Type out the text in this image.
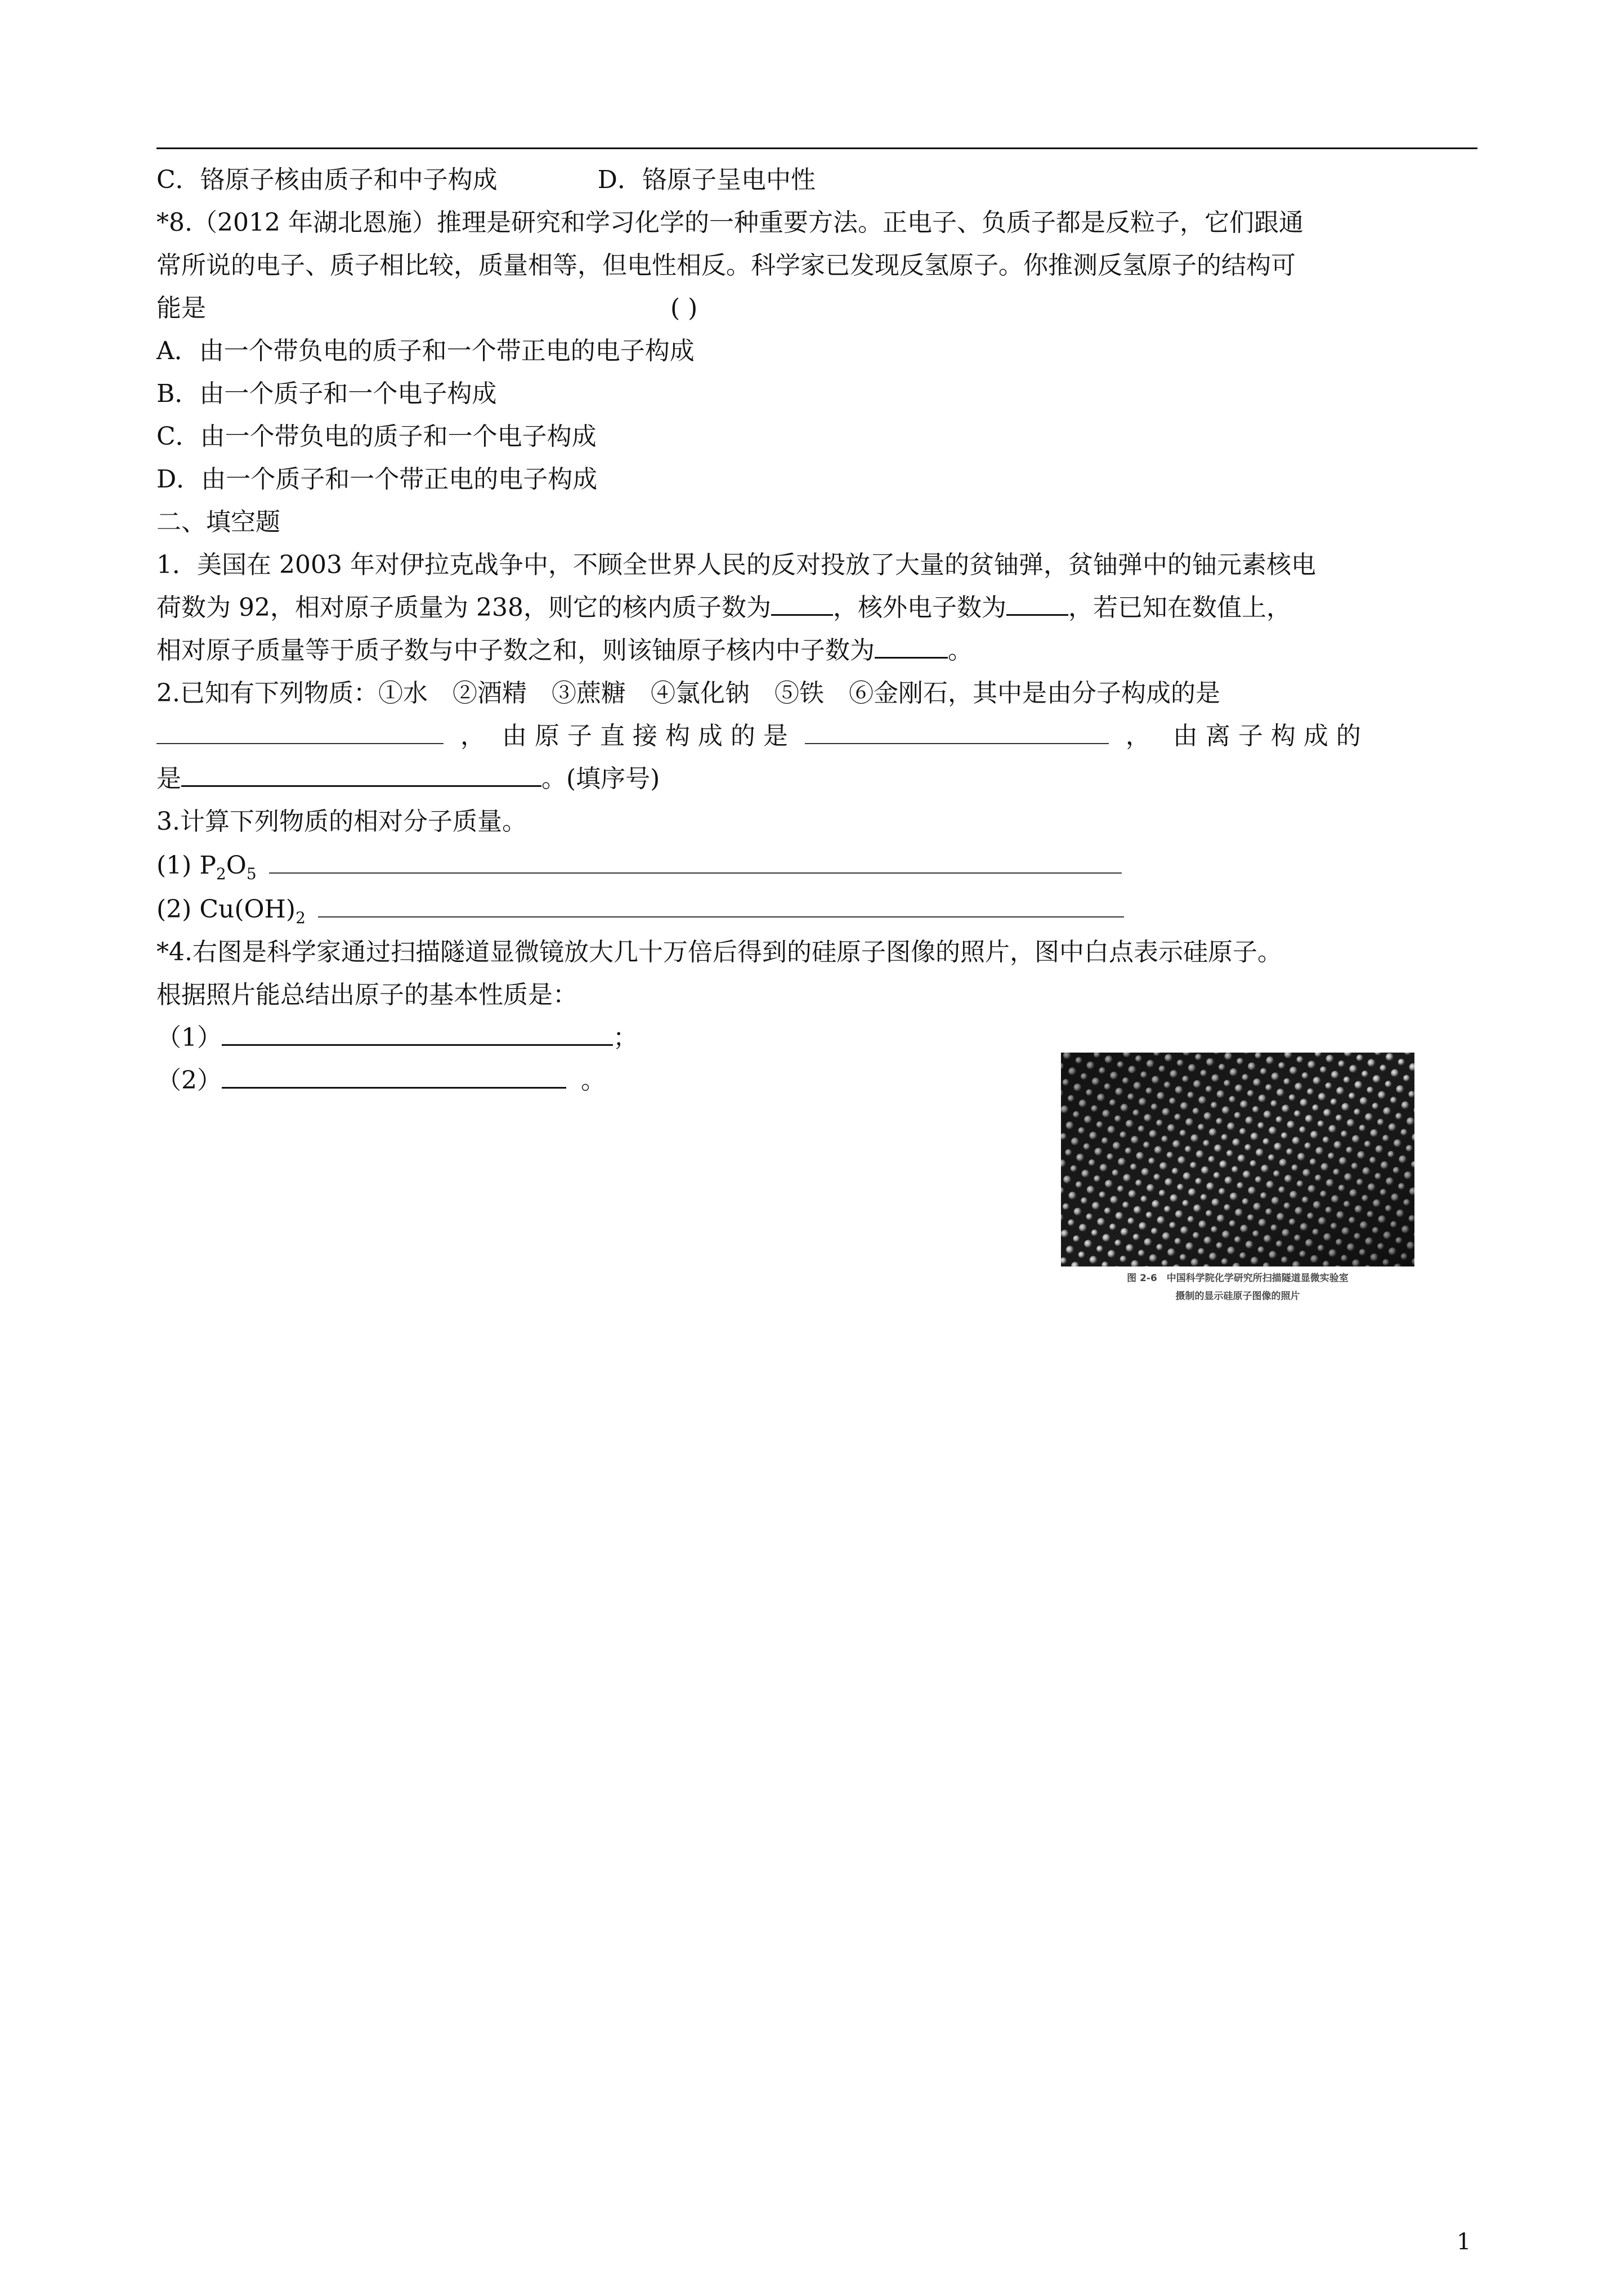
C．铬原子核由质子和中子构成	D．铬原子呈电中性
*8.（2012 年湖北恩施）推理是研究和学习化学的一种重要方法。正电子、负质子都是反粒子，它们跟通
常所说的电子、质子相比较，质量相等，但电性相反。科学家已发现反氢原子。你推测反氢原子的结构可
能是	( )
A．由一个带负电的质子和一个带正电的电子构成
B．由一个质子和一个电子构成
C．由一个带负电的质子和一个电子构成
D．由一个质子和一个带正电的电子构成
二、填空题
1．美国在 2003 年对伊拉克战争中，不顾全世界人民的反对投放了大量的贫铀弹，贫铀弹中的铀元素核电
荷数为 92，相对原子质量为 238，则它的核内质子数为	，核外电子数为	，若已知在数值上，
相对原子质量等于质子数与中子数之和，则该铀原子核内中子数为	。
2.已知有下列物质：①水　②酒精　③蔗糖　④氯化钠　⑤铁　⑥金刚石，其中是由分子构成的是
， 由 原 子 直 接 构 成 的 是	， 由 离 子 构 成 的
是	。(填序号)
3.计算下列物质的相对分子质量。
(1) $P_2O_5$
(2) $Cu(OH)_2$
*4.右图是科学家通过扫描隧道显微镜放大几十万倍后得到的硅原子图像的照片，图中白点表示硅原子。
根据照片能总结出原子的基本性质是：
（1）	；
（2）	。
图 2-6　中国科学院化学研究所扫描隧道显微实验室
摄制的显示硅原子图像的照片
1
